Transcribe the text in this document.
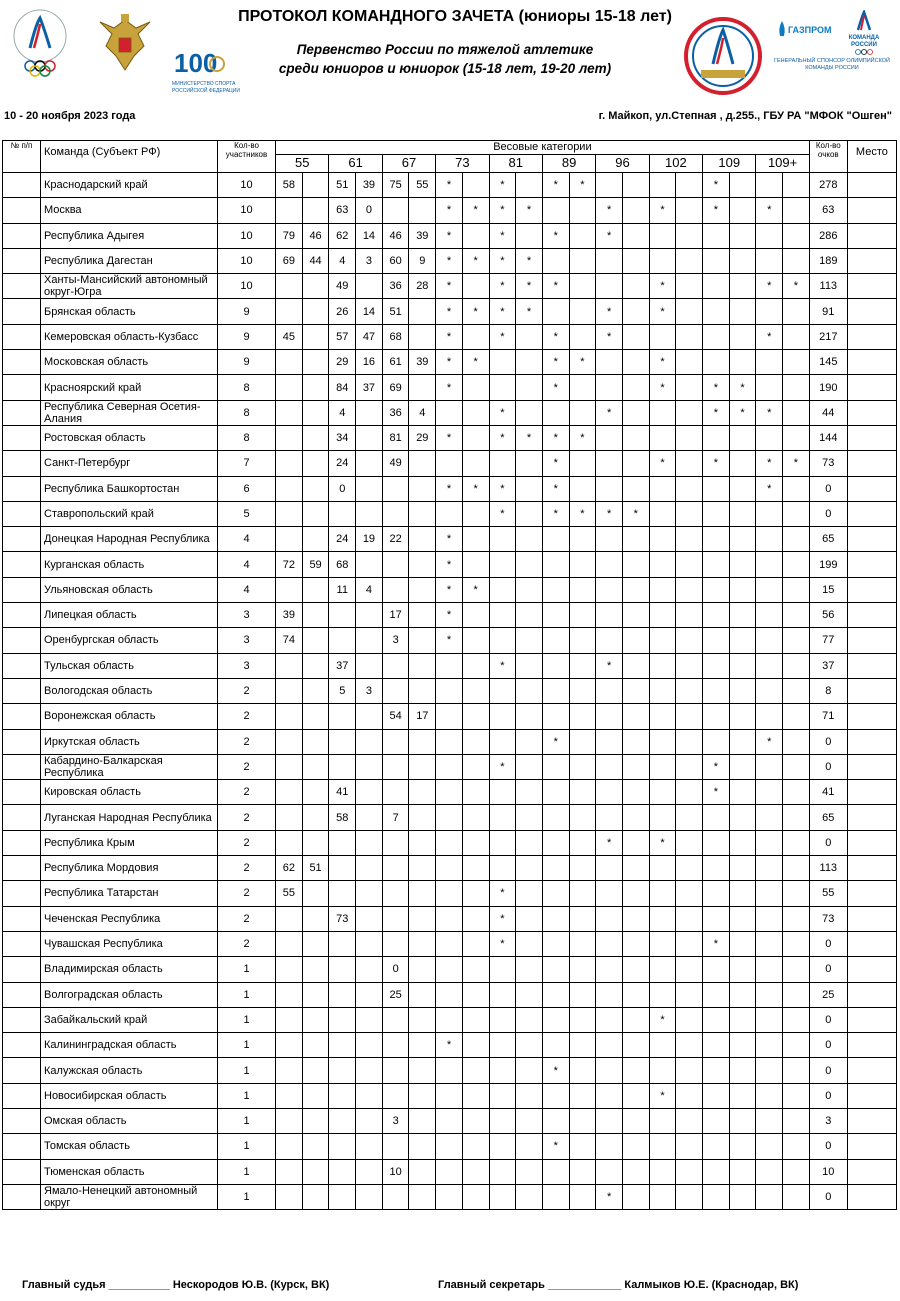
100
МИНИСТЕРСТВО СПОРТА
РОССИЙСКОЙ ФЕДЕРАЦИИ
ПРОТОКОЛ КОМАНДНОГО ЗАЧЕТА (юниоры 15-18 лет)
Первенство России по тяжелой атлетике
среди юниоров и юниорок (15-18 лет, 19-20 лет)
ГАЗПРОМ
КОМАНДА
РОССИИ
ГЕНЕРАЛЬНЫЙ СПОНСОР ОЛИМПИЙСКОЙ КОМАНДЫ РОССИИ
10 - 20 ноября 2023 года	г. Майкоп, ул.Степная , д.255., ГБУ РА "МФОК "Ошген"
№ п/п	Команда (Субъект РФ)	Кол-во участников	Весовые категории																				Кол-во очков	Место
			55		61		67		73		81		89		96		102		109		109+			
	Краснодарский край	10	58		51	39	75	55	*		*		*	*					*				278	
	Москва	10			63	0			*	*	*	*			*		*		*		*		63	
	Республика Адыгея	10	79	46	62	14	46	39	*		*		*		*								286	
	Республика Дагестан	10	69	44	4	3	60	9	*	*	*	*											189	
	Ханты-Мансийский автономный округ-Югра	10			49		36	28	*		*	*	*				*				*	*	113	
	Брянская область	9			26	14	51		*	*	*	*			*		*						91	
	Кемеровская область-Кузбасс	9	45		57	47	68		*		*		*		*						*		217	
	Московская область	9			29	16	61	39	*	*			*	*			*						145	
	Красноярский край	8			84	37	69		*				*				*		*	*			190	
	Республика Северная Осетия-Алания	8			4		36	4			*				*				*	*	*		44	
	Ростовская область	8			34		81	29	*		*	*	*	*									144	
	Санкт-Петербург	7			24		49						*				*		*		*	*	73	
	Республика Башкортостан	6			0				*	*	*		*								*		0	
	Ставропольский край	5									*		*	*	*	*							0	
	Донецкая Народная Республика	4			24	19	22		*														65	
	Курганская область	4	72	59	68				*														199	
	Ульяновская область	4			11	4			*	*													15	
	Липецкая область	3	39				17		*														56	
	Оренбургская область	3	74				3		*														77	
	Тульская область	3			37						*				*								37	
	Вологодская область	2			5	3																	8	
	Воронежская область	2					54	17															71	
	Иркутская область	2											*								*		0	
	Кабардино-Балкарская Республика	2									*								*				0	
	Кировская область	2			41														*				41	
	Луганская Народная Республика	2			58		7																65	
	Республика Крым	2													*		*						0	
	Республика Мордовия	2	62	51																			113	
	Республика Татарстан	2	55								*												55	
	Чеченская Республика	2			73						*												73	
	Чувашская Республика	2									*								*				0	
	Владимирская область	1					0																0	
	Волгоградская область	1					25																25	
	Забайкальский край	1															*						0	
	Калининградская область	1							*														0	
	Калужская область	1											*										0	
	Новосибирская область	1															*						0	
	Омская область	1					3																3	
	Томская область	1											*										0	
	Тюменская область	1					10																10	
	Ямало-Ненецкий автономный округ	1													*								0	
Главный судья __________ Нескородов Ю.В. (Курск, ВК)	Главный секретарь ____________ Калмыков Ю.Е. (Краснодар, ВК)
